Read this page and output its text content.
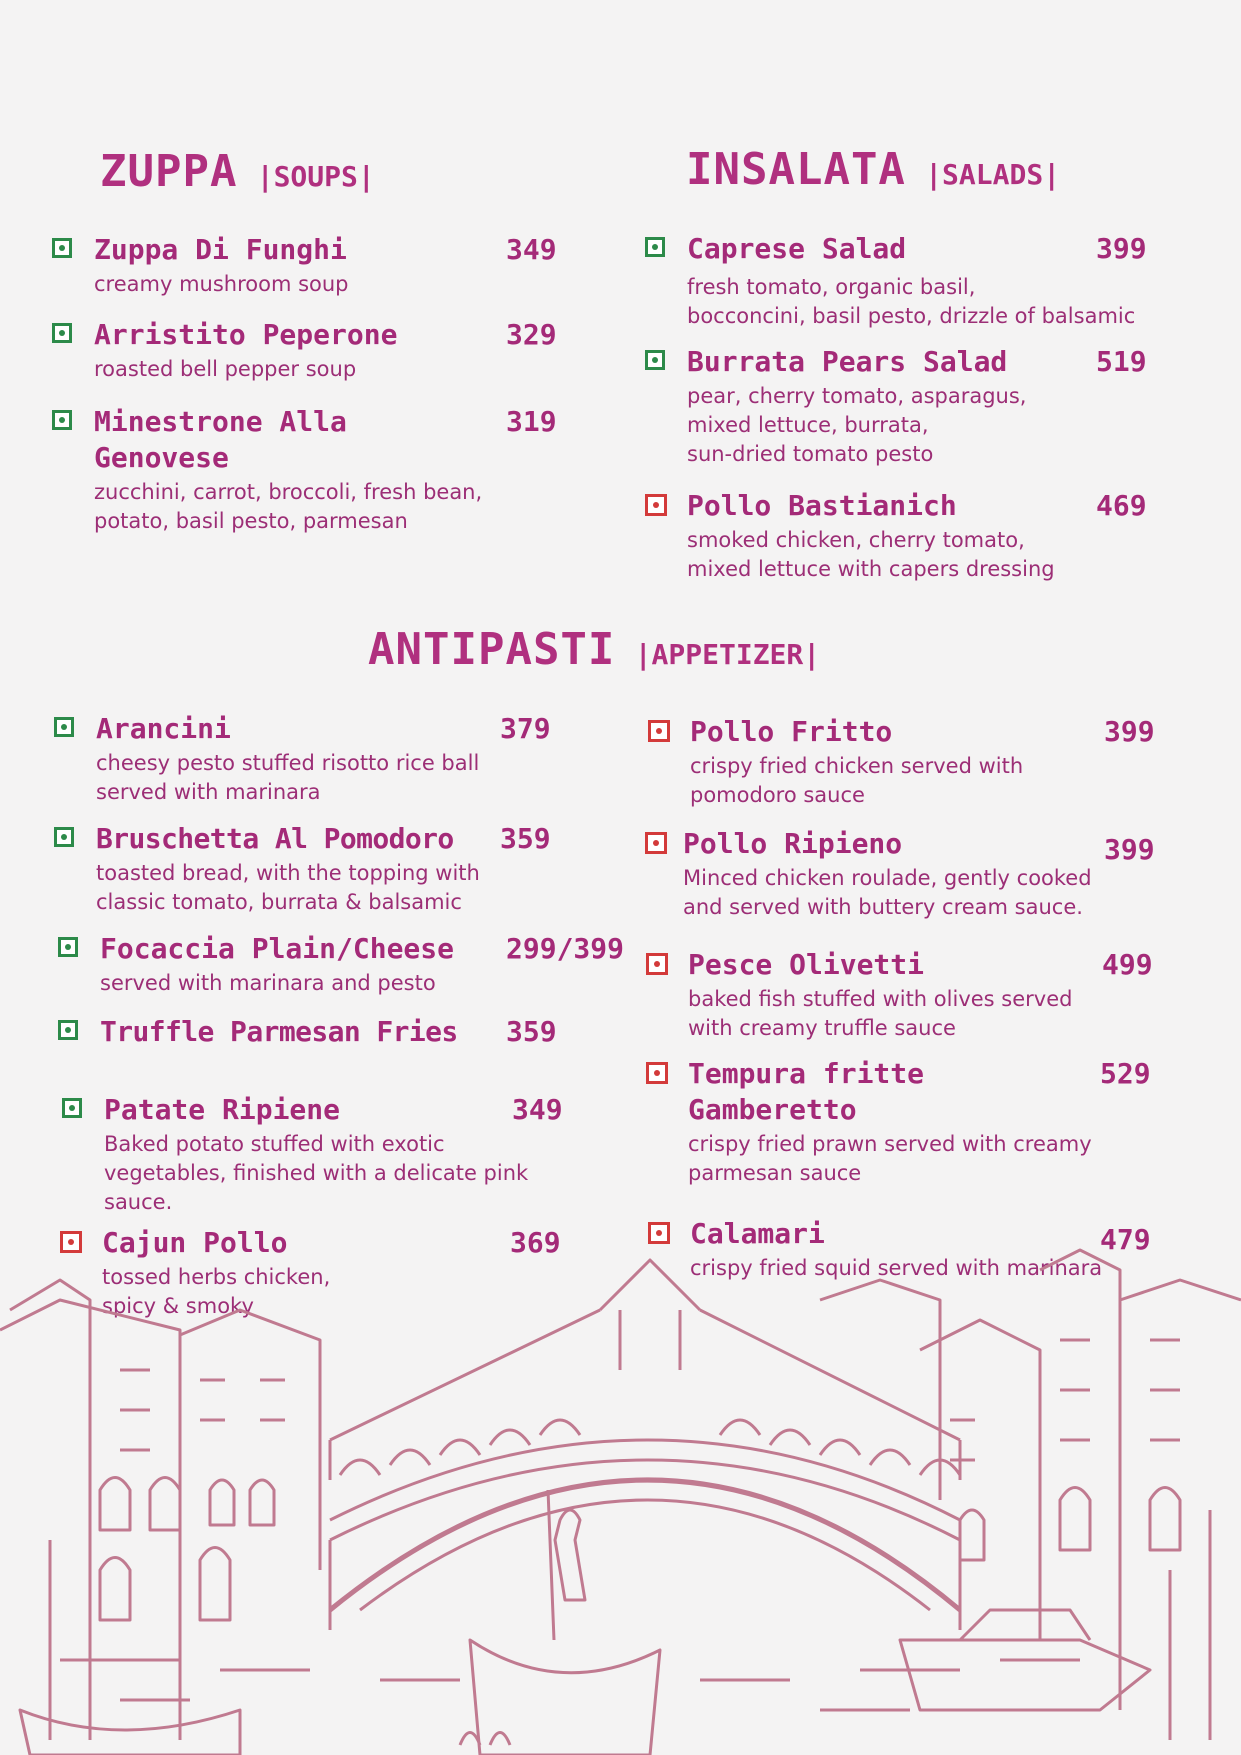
ZUPPA |SOUPS|	INSALATA |SALADS|
ANTIPASTI |APPETIZER|
Zuppa Di Funghi	349
creamy mushroom soup
Arristito Peperone	329
roasted bell pepper soup
Minestrone Alla	319
Genovese
zucchini, carrot, broccoli, fresh bean,
potato, basil pesto, parmesan
Caprese Salad	399
fresh tomato, organic basil,
bocconcini, basil pesto, drizzle of balsamic
Burrata Pears Salad	519
pear, cherry tomato, asparagus,
mixed lettuce, burrata,
sun-dried tomato pesto
Pollo Bastianich	469
smoked chicken, cherry tomato,
mixed lettuce with capers dressing
Arancini	379
cheesy pesto stuffed risotto rice ball
served with marinara
Bruschetta Al Pomodoro 359
toasted bread, with the topping with
classic tomato, burrata & balsamic
Focaccia Plain/Cheese 299/399
served with marinara and pesto
Truffle Parmesan Fries 359
Patate Ripiene	349
Baked potato stuffed with exotic
vegetables, finished with a delicate pink
sauce.
Cajun Pollo	369
tossed herbs chicken,
spicy & smoky
Pollo Fritto	399
crispy fried chicken served with
pomodoro sauce
Pollo Ripieno	399
Minced chicken roulade, gently cooked
and served with buttery cream sauce.
Pesce Olivetti	499
baked fish stuffed with olives served
with creamy truffle sauce
Tempura fritte	529
Gamberetto
crispy fried prawn served with creamy
parmesan sauce
Calamari	479
crispy fried squid served with marinara
